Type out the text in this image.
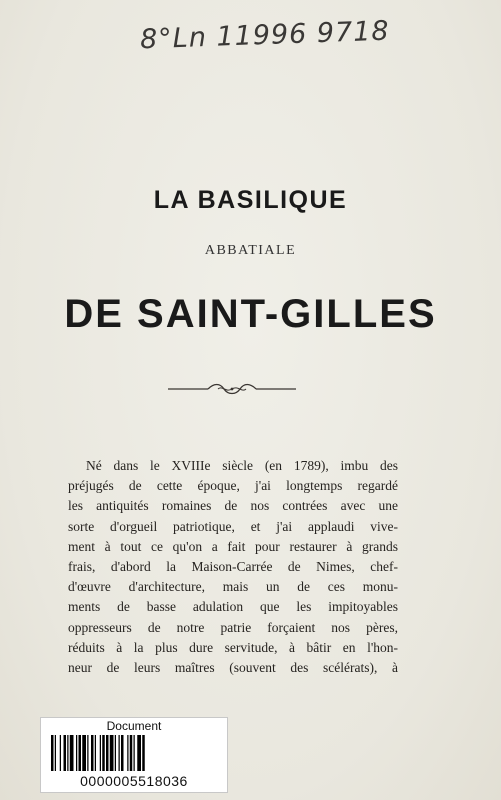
8°Ln 11996 9718
LA BASILIQUE
ABBATIALE
DE SAINT-GILLES
Né dans le XVIIIe siècle (en 1789), imbu des
préjugés de cette époque, j'ai longtemps regardé
les antiquités romaines de nos contrées avec une
sorte d'orgueil patriotique, et j'ai applaudi vive-
ment à tout ce qu'on a fait pour restaurer à grands
frais, d'abord la Maison-Carrée de Nimes, chef-
d'œuvre d'architecture, mais un de ces monu-
ments de basse adulation que les impitoyables
oppresseurs de notre patrie forçaient nos pères,
réduits à la plus dure servitude, à bâtir en l'hon-
neur de leurs maîtres (souvent des scélérats), à
Document
0000005518036
